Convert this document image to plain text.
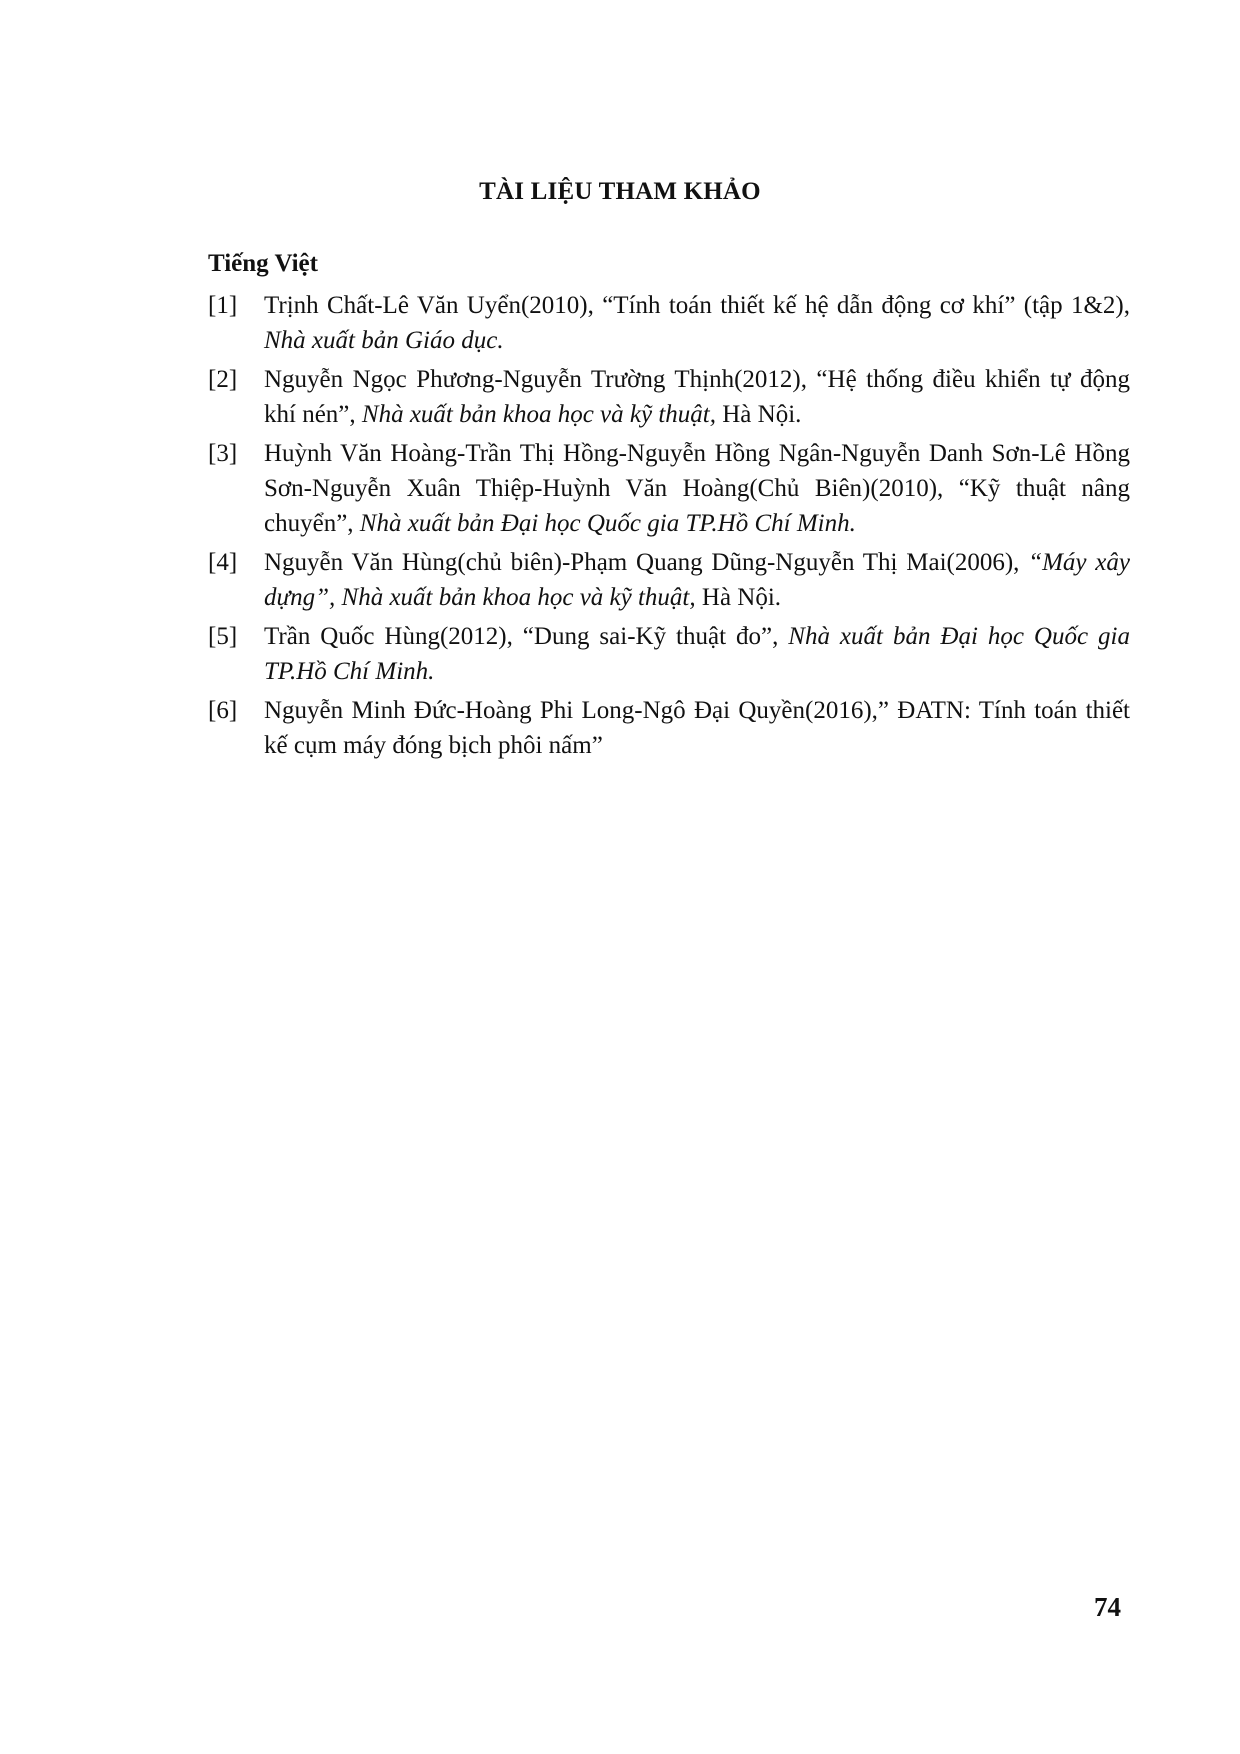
TÀI LIỆU THAM KHẢO
Tiếng Việt
[1] Trịnh Chất-Lê Văn Uyển(2010), “Tính toán thiết kế hệ dẫn động cơ khí” (tập 1&2), Nhà xuất bản Giáo dục.
[2] Nguyễn Ngọc Phương-Nguyễn Trường Thịnh(2012), “Hệ thống điều khiển tự động khí nén”, Nhà xuất bản khoa học và kỹ thuật, Hà Nội.
[3] Huỳnh Văn Hoàng-Trần Thị Hồng-Nguyễn Hồng Ngân-Nguyễn Danh Sơn-Lê Hồng Sơn-Nguyễn Xuân Thiệp-Huỳnh Văn Hoàng(Chủ Biên)(2010), “Kỹ thuật nâng chuyển”, Nhà xuất bản Đại học Quốc gia TP.Hồ Chí Minh.
[4] Nguyễn Văn Hùng(chủ biên)-Phạm Quang Dũng-Nguyễn Thị Mai(2006), “Máy xây dựng”, Nhà xuất bản khoa học và kỹ thuật, Hà Nội.
[5] Trần Quốc Hùng(2012), “Dung sai-Kỹ thuật đo”, Nhà xuất bản Đại học Quốc gia TP.Hồ Chí Minh.
[6] Nguyễn Minh Đức-Hoàng Phi Long-Ngô Đại Quyền(2016),” ĐATN: Tính toán thiết kế cụm máy đóng bịch phôi nấm”
74
